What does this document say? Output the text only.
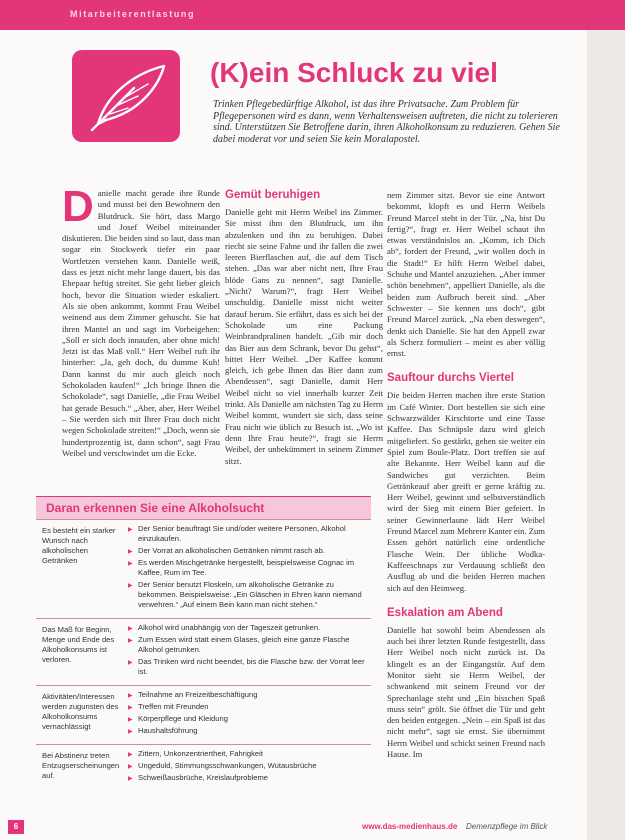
Mitarbeiterentlastung
(K)ein Schluck zu viel

Trinken Pflegebedürftige Alkohol, ist das ihre Privatsache. Zum Problem für Pflegepersonen wird es dann, wenn Verhaltensweisen auftreten, die nicht zu tolerieren sind. Unterstützen Sie Betroffene darin, ihren Alkoholkonsum zu reduzieren. Gehen Sie dabei moderat vor und seien Sie kein Moralapostel.

D anielle macht gerade ihre Runde und musst bei den Bewohnern den Blutdruck. Sie hört, dass Margo und Josef Weibel miteinander diskutieren. Die beiden sind so laut, dass man sogar ein Stockwerk tiefer ein paar Wortfetzen verstehen kann. Danielle weiß, dass es jetzt nicht mehr lange dauert, bis das Ehepaar heftig streitet. Sie geht lieber gleich hoch, bevor die Situation wieder eskaliert. Als sie oben ankommt, kommt Frau Weibel weinend aus dem Zimmer gehuscht. Sie hat ihren Mantel an und sagt im Vorbeigehen: „Soll er sich doch innaufen, aber ohne mich! Jetzt ist das Maß voll.“ Herr Weibel ruft ihr hinterher: „Ja, geh doch, du dumme Kuh! Dann kannst du mir auch gleich noch Schokoladen kaufen!“ „Ich bringe Ihnen die Schokolade“, sagt Danielle, „die Frau Weibel hat gerade Besuch.“ „Aber, aber, Herr Weibel – Sie werden sich mit Ihrer Frau doch nicht wegen Schokolade streiten!“ „Doch, wenn sie hundertprozentig ist, dann schon“, sagt Frau Weibel und verschwindet um die Ecke.

Gemüt beruhigen

Danielle geht mit Herrn Weibel ins Zimmer. Sie misst ihm den Blutdruck, um ihn abzulenken und ihn zu beruhigen. Dabei riecht sie seine Fahne und ihr fallen die zwei leeren Bierflaschen auf, die auf dem Tisch stehen. „Das war aber nicht nett, Ihre Frau blöde Gans zu nennen“, sagt Danielle. „Nicht? Warum?“, fragt Herr Weibel unschuldig. Danielle misst nicht weiter darauf herum. Sie erfährt, dass es sich bei der Schokolade um eine Packung Weinbrandpralinen handelt. „Gib mir doch das Bier aus dem Schrank, bevor Du gehst“, bittet Herr Weibel. „Der Kaffee kommt gleich, ich gebe Ihnen das Bier dann zum Abendessen“, sagt Danielle, damit Herr Weibel nicht so viel innerhalb kurzer Zeit trinkt. Als Danielle am nächsten Tag zu Herrn Weibel kommt, wundert sie sich, dass seine Frau nicht wie üblich zu Besuch ist. „Wo ist denn Ihre Frau heute?“, fragt sie Herrn Weibel, der unbekümmert in seinem Zimmer sitzt.

nem Zimmer sitzt. Bevor sie eine Antwort bekommt, klopft es und Herrn Weibels Freund Marcel steht in der Tür. „Na, bist Du fertig?“, fragt er. Herr Weibel schaut ihn etwas verständnislos an. „Komm, ich Dich ab“, fordert der Freund, „wir wollen doch in die Stadt!“ Er hilft Herrn Weibel dabei, Schuhe und Mantel anzuziehen. „Aber immer schön benehmen“, appelliert Danielle, als die beiden zum Aufbruch bereit sind. „Aber Schwester – Sie kennen uns doch“, gibt Freund Marcel zurück. „Na eben deswegen“, denkt sich Danielle. Sie hat den Appell zwar als Scherz formuliert – meint es aber völlig ernst.

Sauftour durchs Viertel

Die beiden Herren machen ihre erste Station im Café Winter. Dort bestellen sie sich eine Schwarzwälder Kirschtorte und eine Tasse Kaffee. Das Schnäpsle dazu wird gleich mitgeliefert. So gestärkt, gehen sie weiter ein Spiel zum Boule-Platz. Dort treffen sie auf alte Bekannte. Herr Weibel kann auf die Sandwiches gut verzichten. Beim Getränkeauf aber greift er gerne kräftig zu. Herr Weibel, gewinnt und selbstverständlich wird der Sieg mit einem Bier gefeiert. In seiner Gewinnerlaune lädt Herr Weibel Freund Marcel zum Mehrere Kanter ein. Zum Essen gehört natürlich eine ordentliche Flasche Wein. Der übliche Wodka-Kaffeeschnaps zur Verdauung schließt den Ausflug ab und die beiden Herren machen sich auf den Heimweg.

Eskalation am Abend

Danielle hat sowohl beim Abendessen als auch bei ihrer letzten Runde festgestellt, dass Herr Weibel noch nicht zurück ist. Da klingelt es an der Eingangstür. Auf dem Monitor sieht sie Herrn Weibel, der schwankend mit seinem Freund vor der Sprechanlage steht und „Ein bisschen Spaß muss sein“ grölt. Sie öffnet die Tür und geht den beiden entgegen. „Nein – ein Spaß ist das nicht mehr“, sagt sie ernst. Sie übernimmt Herrn Weibel und schickt seinen Freund nach Hause. Im

Daran erkennen Sie eine Alkoholsucht
Es besteht ein starker Wunsch nach alkoholischen Getränken
▶ Der Senior beauftragt Sie und/oder weitere Personen, Alkohol einzukaufen.
▶ Der Vorrat an alkoholischen Getränken nimmt rasch ab.
▶ Es werden Mischgetränke hergestellt, beispielsweise Cognac im Kaffee, Rum im Tee.
▶ Der Senior benutzt Floskeln, um alkoholische Getränke zu bekommen. Beispielsweise: „Ein Gläschen in Ehren kann niemand verwehren.“ „Auf einem Bein kann man nicht stehen.“
Das Maß für Beginn, Menge und Ende des Alkoholkonsums ist verloren.
▶ Alkohol wird unabhängig von der Tageszeit getrunken.
▶ Zum Essen wird statt einem Glases, gleich eine ganze Flasche Alkohol getrunken.
▶ Das Trinken wird nicht beendet, bis die Flasche bzw. der Vorrat leer ist.
Aktivitäten/Interessen werden zugunsten des Alkoholkonsums vernachlässigt
▶ Teilnahme an Freizeitbeschäftigung
▶ Treffen mit Freunden
▶ Körperpflege und Kleidung
▶ Haushaltsführung
Bei Abstinenz treten Entzugserscheinungen auf.
▶ Zittern, Unkonzentriertheit, Fahrigkeit
▶ Ungeduld, Stimmungsschwankungen, Wutausbrüche
▶ Schweißausbrüche, Kreislaufprobleme
6	www.das-medienhaus.de Demenzpflege im Blick
